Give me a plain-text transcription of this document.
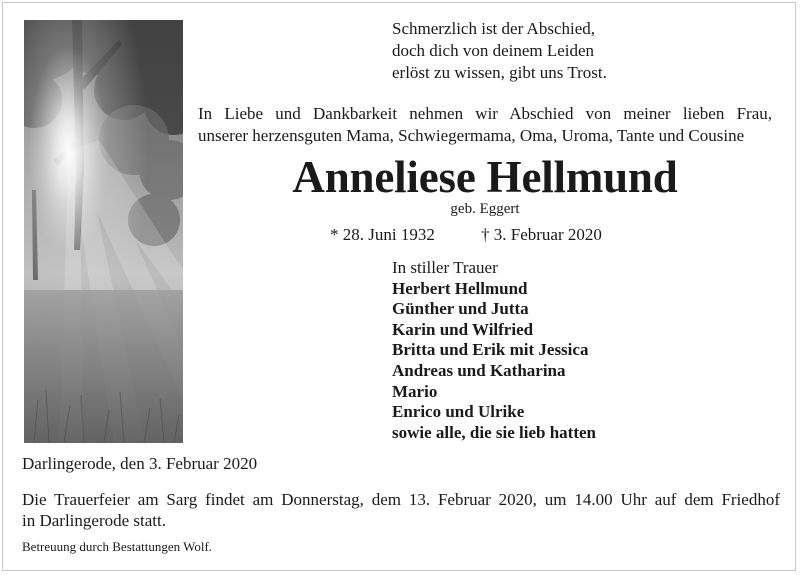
Schmerzlich ist der Abschied,
doch dich von deinem Leiden
erlöst zu wissen, gibt uns Trost.
In Liebe und Dankbarkeit nehmen wir Abschied von meiner lieben Frau,
unserer herzensguten Mama, Schwiegermama, Oma, Uroma, Tante und Cousine
Anneliese Hellmund
geb. Eggert
* 28. Juni 1932	† 3. Februar 2020
In stiller Trauer
Herbert Hellmund
Günther und Jutta
Karin und Wilfried
Britta und Erik mit Jessica
Andreas und Katharina
Mario
Enrico und Ulrike
sowie alle, die sie lieb hatten
Darlingerode, den 3. Februar 2020
Die Trauerfeier am Sarg findet am Donnerstag, dem 13. Februar 2020, um 14.00 Uhr auf dem Friedhof
in Darlingerode statt.
Betreuung durch Bestattungen Wolf.
